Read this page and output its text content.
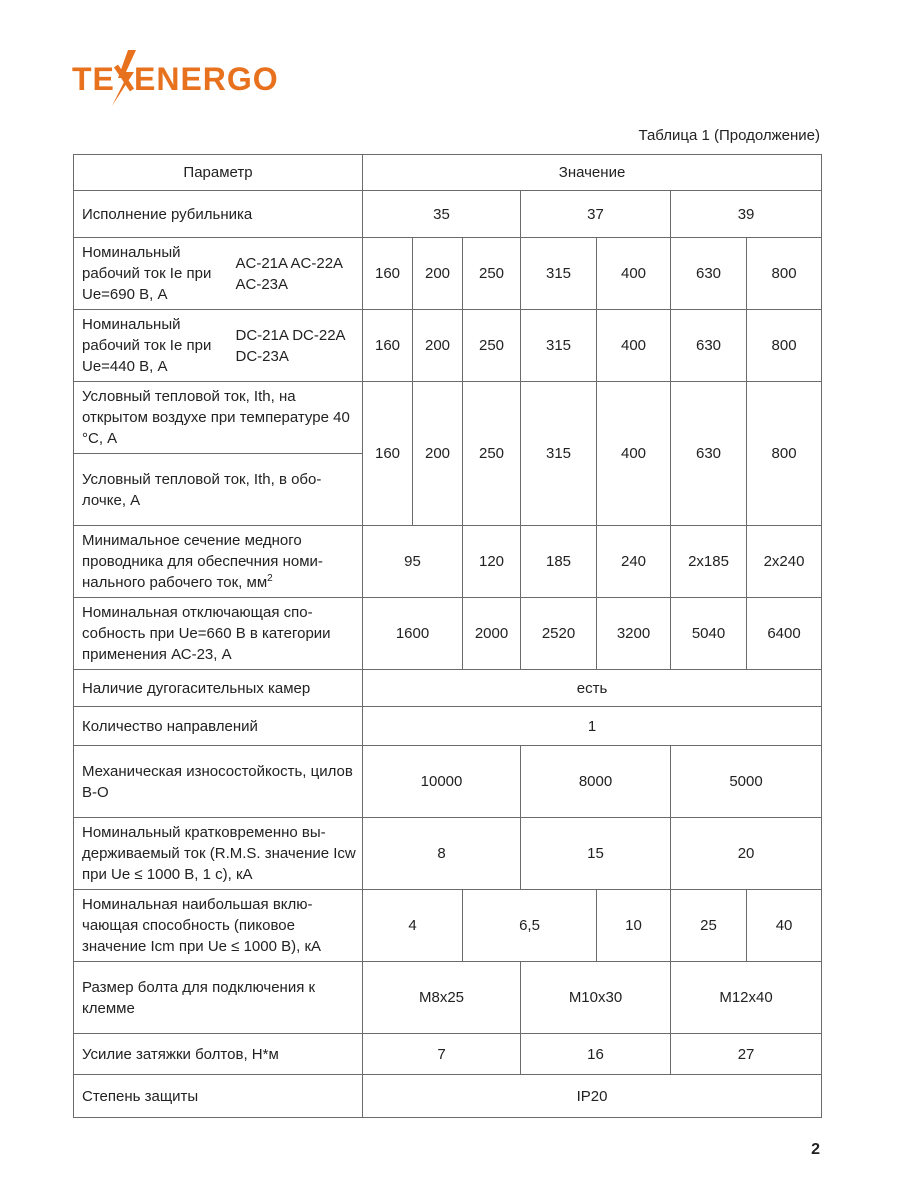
TE ENERGO
Таблица 1 (Продолжение)
Параметр		Значение						
Исполнение рубильника		35			37		39	
Номинальный рабочий ток Ie при Ue=690 В, А	AC-21A AC-22A AC-23A	160	200	250	315	400	630	800
Номинальный рабочий ток Ie при Ue=440 В, А	DC-21A DC-22A DC-23A	160	200	250	315	400	630	800
Условный тепловой ток, Ith, на открытом воздухе при температуре 40 °С, А		160	200	250	315	400	630	800
Условный тепловой ток, Ith, в оболочке, А								
Минимальное сечение медного проводника для обеспечния номинального рабочего ток, $мм^2$		95		120	185	240	2х185	2х240
Номинальная отключающая способность при Ue=660 В в категории применения АС-23, А		1600		2000	2520	3200	5040	6400
Наличие дугогасительных камер		есть						
Количество направлений		1						
Механическая износостойкость, цилов В-О		10000			8000		5000	
Номинальный кратковременно выдерживаемый ток (R.M.S. значение Icw при Ue ≤ 1000 В, 1 с), кА		8			15		20	
Номинальная наибольшая включающая способность (пиковое значение Icm при Ue ≤ 1000 В), кА		4		6,5		10	25	40
Размер болта для подключения к клемме		M8x25			M10x30		M12x40	
Усилие затяжки болтов, Н*м		7			16		27	
Степень защиты		IP20						
2
